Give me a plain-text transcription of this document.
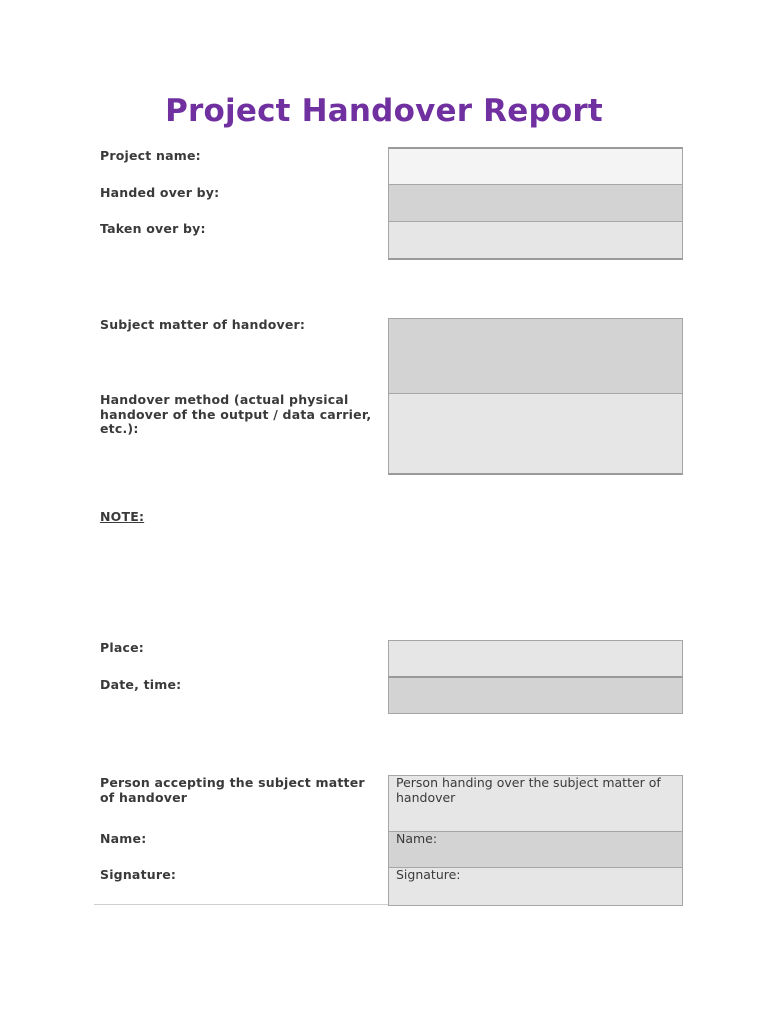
Project Handover Report
Project name:
Handed over by:
Taken over by:
Subject matter of handover:
Handover method (actual physical handover of the output / data carrier, etc.):
NOTE:
Place:
Date, time:
Person accepting the subject matter of handover
Name:
Signature:
Person handing over the subject matter of handover
Name:
Signature:
